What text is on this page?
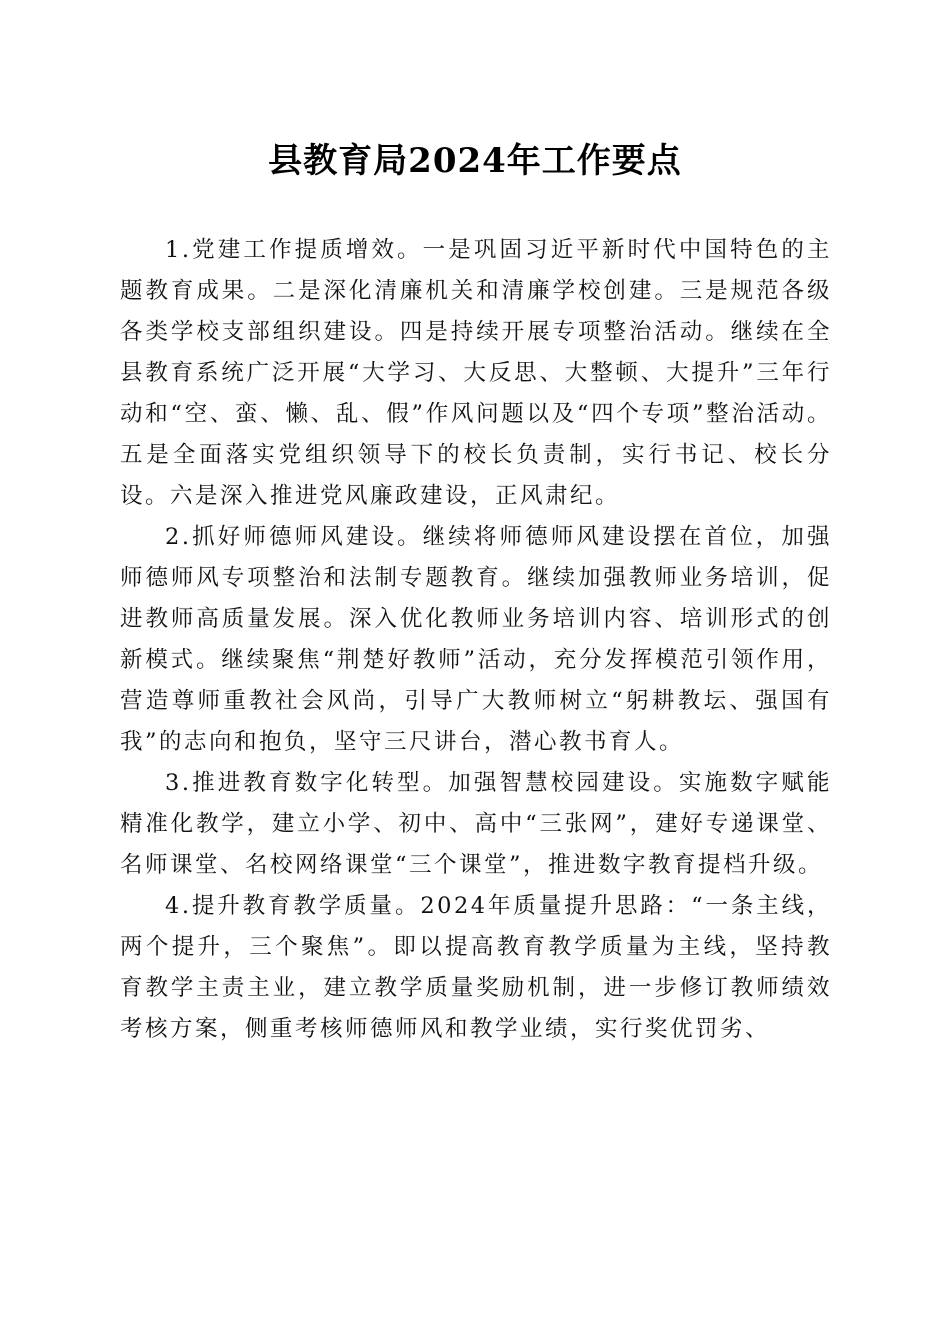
县教育局2024年工作要点

1.党建工作提质增效。一是巩固习近平新时代中国特色的主题教育成果。二是深化清廉机关和清廉学校创建。三是规范各级各类学校支部组织建设。四是持续开展专项整治活动。继续在全县教育系统广泛开展“大学习、大反思、大整顿、大提升”三年行动和“空、蛮、懒、乱、假”作风问题以及“四个专项”整治活动。五是全面落实党组织领导下的校长负责制，实行书记、校长分设。六是深入推进党风廉政建设，正风肃纪。

2.抓好师德师风建设。继续将师德师风建设摆在首位，加强师德师风专项整治和法制专题教育。继续加强教师业务培训，促进教师高质量发展。深入优化教师业务培训内容、培训形式的创新模式。继续聚焦“荆楚好教师”活动，充分发挥模范引领作用，营造尊师重教社会风尚，引导广大教师树立“躬耕教坛、强国有我”的志向和抱负，坚守三尺讲台，潜心教书育人。

3.推进教育数字化转型。加强智慧校园建设。实施数字赋能精准化教学，建立小学、初中、高中“三张网”，建好专递课堂、名师课堂、名校网络课堂“三个课堂”，推进数字教育提档升级。

4.提升教育教学质量。2024年质量提升思路：“一条主线，两个提升，三个聚焦”。即以提高教育教学质量为主线，坚持教育教学主责主业，建立教学质量奖励机制，进一步修订教师绩效考核方案，侧重考核师德师风和教学业绩，实行奖优罚劣、
